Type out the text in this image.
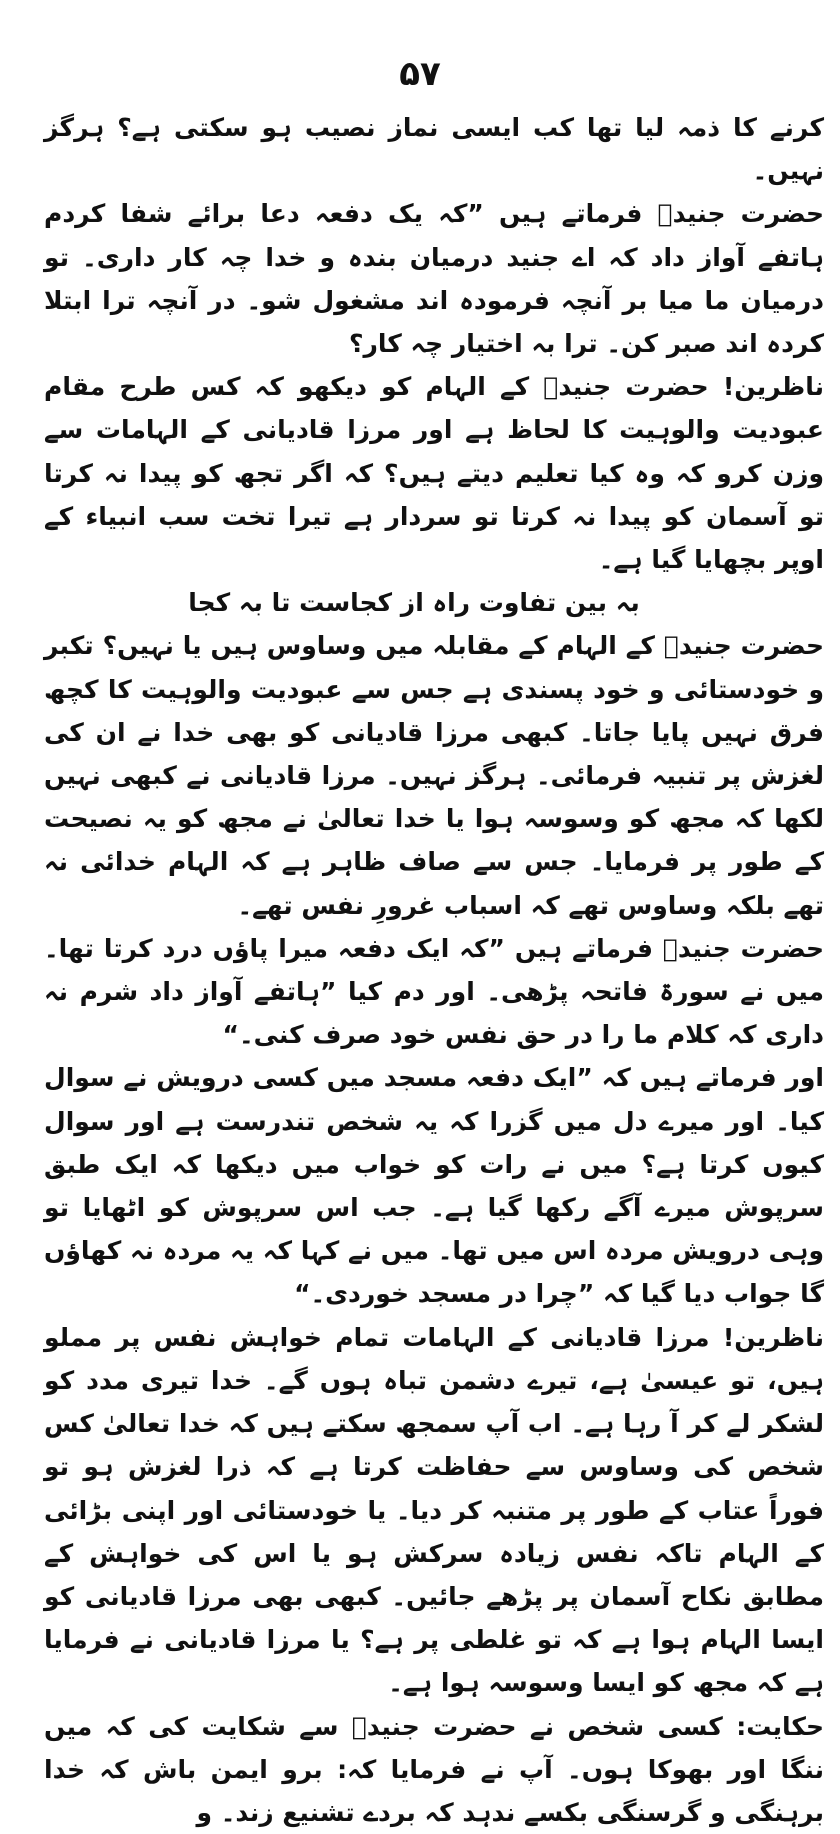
۵۷

کرنے کا ذمہ لیا تھا کب ایسی نماز نصیب ہو سکتی ہے؟ ہرگز نہیں۔

حضرت جنیدؒ فرماتے ہیں ”کہ یک دفعہ دعا برائے شفا کردم ہاتفے آواز داد کہ اے جنید درمیان بندہ و خدا چہ کار داری۔ تو درمیان ما میا بر آنچہ فرمودہ اند مشغول شو۔ در آنچہ ترا ابتلا کردہ اند صبر کن۔ ترا بہ اختیار چہ کار؟

ناظرین! حضرت جنیدؒ کے الہام کو دیکھو کہ کس طرح مقام عبودیت والوہیت کا لحاظ ہے اور مرزا قادیانی کے الہامات سے وزن کرو کہ وہ کیا تعلیم دیتے ہیں؟ کہ اگر تجھ کو پیدا نہ کرتا تو آسمان کو پیدا نہ کرتا تو سردار ہے تیرا تخت سب انبیاء کے اوپر بچھایا گیا ہے۔

بہ بین تفاوت راہ از کجاست تا بہ کجا

حضرت جنیدؒ کے الہام کے مقابلہ میں وساوس ہیں یا نہیں؟ تکبر و خودستائی و خود پسندی ہے جس سے عبودیت والوہیت کا کچھ فرق نہیں پایا جاتا۔ کبھی مرزا قادیانی کو بھی خدا نے ان کی لغزش پر تنبیہ فرمائی۔ ہرگز نہیں۔ مرزا قادیانی نے کبھی نہیں لکھا کہ مجھ کو وسوسہ ہوا یا خدا تعالیٰ نے مجھ کو یہ نصیحت کے طور پر فرمایا۔ جس سے صاف ظاہر ہے کہ الہام خدائی نہ تھے بلکہ وساوس تھے کہ اسباب غرورِ نفس تھے۔

حضرت جنیدؒ فرماتے ہیں ”کہ ایک دفعہ میرا پاؤں درد کرتا تھا۔ میں نے سورۃ فاتحہ پڑھی۔ اور دم کیا ”ہاتفے آواز داد شرم نہ داری کہ کلام ما را در حق نفس خود صرف کنی۔“

اور فرماتے ہیں کہ ”ایک دفعہ مسجد میں کسی درویش نے سوال کیا۔ اور میرے دل میں گزرا کہ یہ شخص تندرست ہے اور سوال کیوں کرتا ہے؟ میں نے رات کو خواب میں دیکھا کہ ایک طبق سرپوش میرے آگے رکھا گیا ہے۔ جب اس سرپوش کو اٹھایا تو وہی درویش مردہ اس میں تھا۔ میں نے کہا کہ یہ مردہ نہ کھاؤں گا جواب دیا گیا کہ ”چرا در مسجد خوردی۔“

ناظرین! مرزا قادیانی کے الہامات تمام خواہش نفس پر مملو ہیں، تو عیسیٰ ہے، تیرے دشمن تباہ ہوں گے۔ خدا تیری مدد کو لشکر لے کر آ رہا ہے۔ اب آپ سمجھ سکتے ہیں کہ خدا تعالیٰ کس شخص کی وساوس سے حفاظت کرتا ہے کہ ذرا لغزش ہو تو فوراً عتاب کے طور پر متنبہ کر دیا۔ یا خودستائی اور اپنی بڑائی کے الہام تاکہ نفس زیادہ سرکش ہو یا اس کی خواہش کے مطابق نکاح آسمان پر پڑھے جائیں۔ کبھی بھی مرزا قادیانی کو ایسا الہام ہوا ہے کہ تو غلطی پر ہے؟ یا مرزا قادیانی نے فرمایا ہے کہ مجھ کو ایسا وسوسہ ہوا ہے۔

حکایت: کسی شخص نے حضرت جنیدؒ سے شکایت کی کہ میں ننگا اور بھوکا ہوں۔ آپ نے فرمایا کہ: برو ایمن باش کہ خدا برہنگی و گرسنگی بکسے ندہد کہ بردے تشنیع زند۔ و
